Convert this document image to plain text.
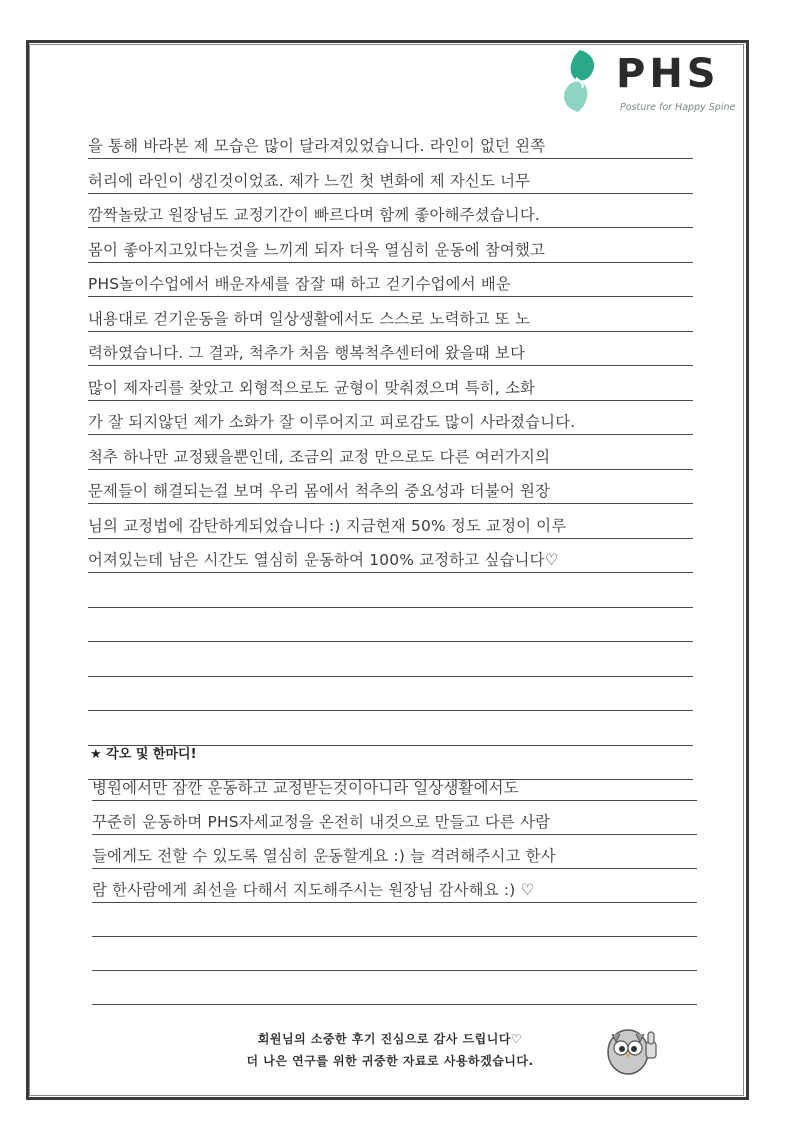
PHS
Posture for Happy Spine
을 통해 바라본 제 모습은 많이 달라져있었습니다. 라인이 없던 왼쪽
허리에 라인이 생긴것이었죠. 제가 느낀 첫 변화에 제 자신도 너무
깜짝놀랐고 원장님도 교정기간이 빠르다며 함께 좋아해주셨습니다.
몸이 좋아지고있다는것을 느끼게 되자 더욱 열심히 운동에 참여했고
PHS놀이수업에서 배운자세를 잠잘 때 하고 걷기수업에서 배운
내용대로 걷기운동을 하며 일상생활에서도 스스로 노력하고 또 노
력하였습니다. 그 결과, 척추가 처음 행복척추센터에 왔을때 보다
많이 제자리를 찾았고 외형적으로도 균형이 맞춰졌으며 특히, 소화
가 잘 되지않던 제가 소화가 잘 이루어지고 피로감도 많이 사라졌습니다.
척추 하나만 교정됐을뿐인데, 조금의 교정 만으로도 다른 여러가지의
문제들이 해결되는걸 보며 우리 몸에서 척추의 중요성과 더불어 원장
님의 교정법에 감탄하게되었습니다 :) 지금현재 50% 정도 교정이 이루
어져있는데 남은 시간도 열심히 운동하여 100% 교정하고 싶습니다♡
★ 각오 및 한마디!
병원에서만 잠깐 운동하고 교정받는것이아니라 일상생활에서도
꾸준히 운동하며 PHS자세교정을 온전히 내것으로 만들고 다른 사람
들에게도 전할 수 있도록 열심히 운동할게요 :) 늘 격려해주시고 한사
람 한사람에게 최선을 다해서 지도해주시는 원장님 감사해요 :) ♡
회원님의 소중한 후기 진심으로 감사 드립니다♡
더 나은 연구를 위한 귀중한 자료로 사용하겠습니다.
